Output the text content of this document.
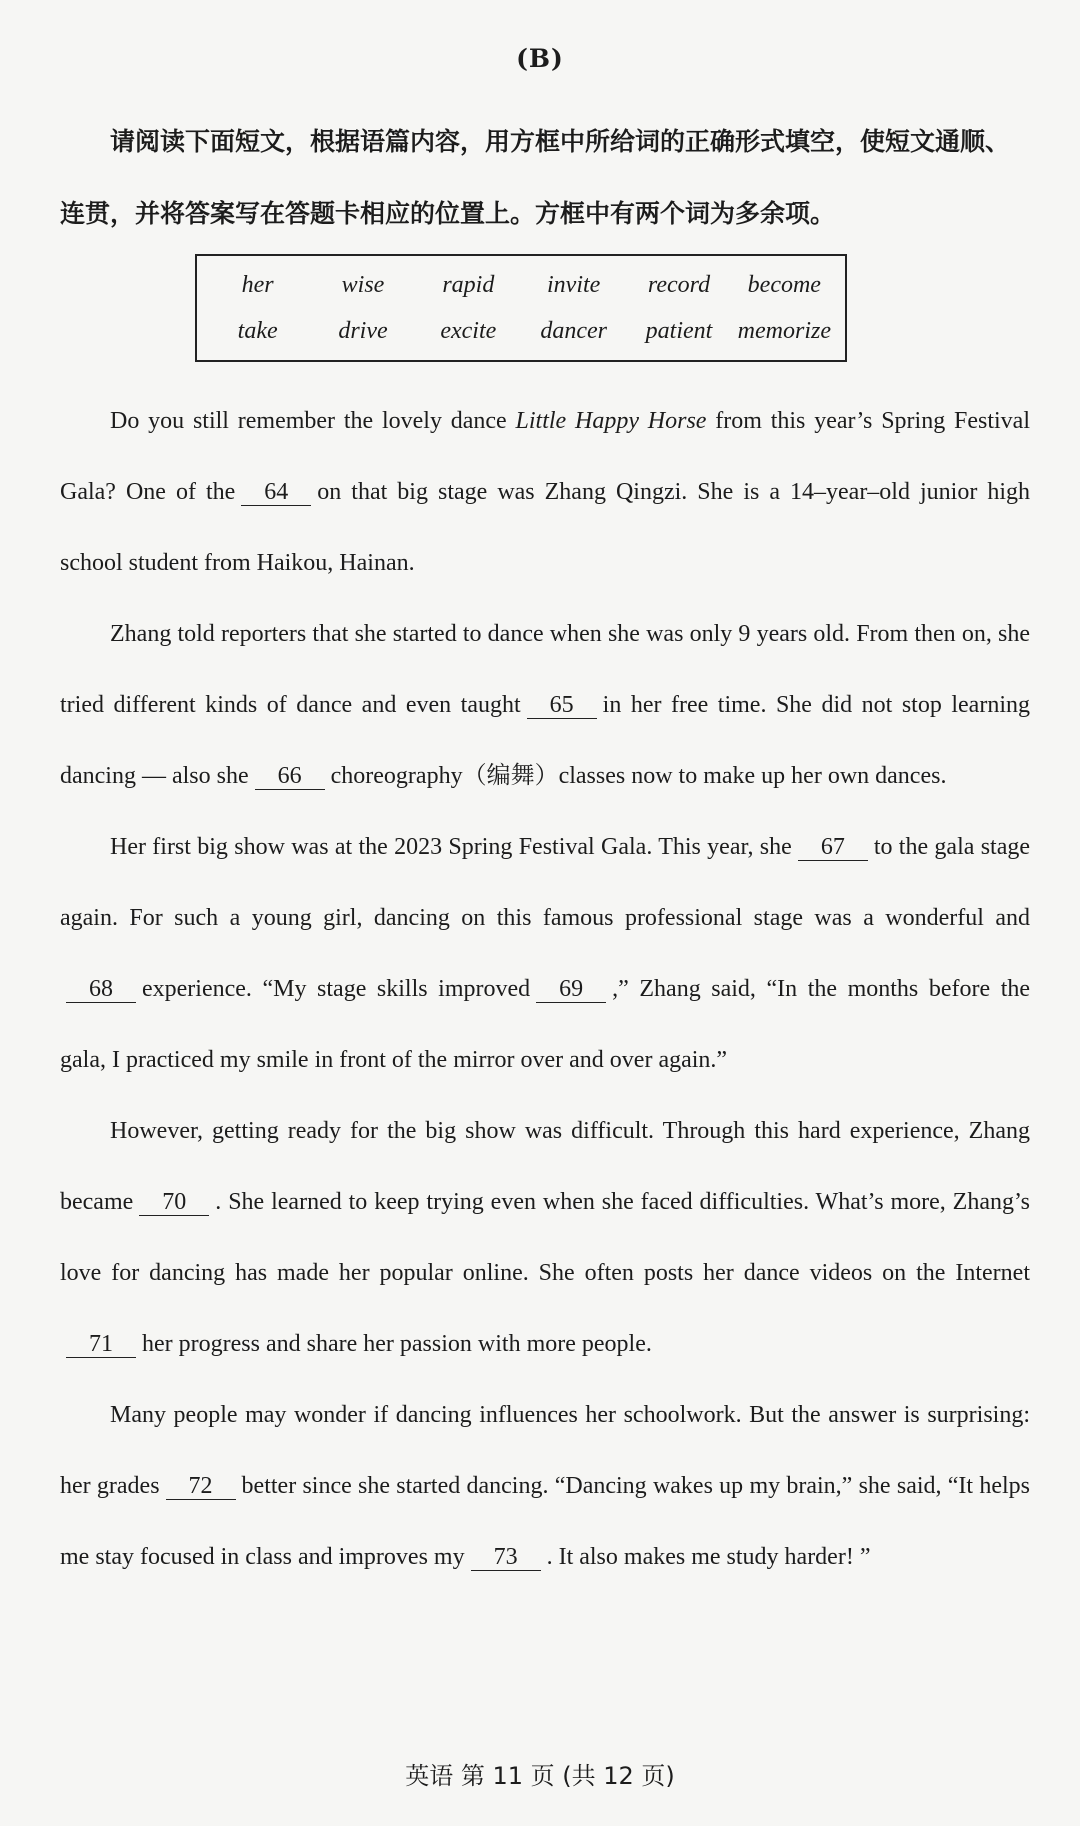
(B)
请阅读下面短文，根据语篇内容，用方框中所给词的正确形式填空，使短文通顺、连贯，并将答案写在答题卡相应的位置上。方框中有两个词为多余项。
her	wise rapid invite record become
take	drive excite dancer patient memorize

Do you still remember the lovely dance Little Happy Horse from this year’s Spring Festival Gala? One of the 64 on that big stage was Zhang Qingzi. She is a 14–year–old junior high school student from Haikou, Hainan.

Zhang told reporters that she started to dance when she was only 9 years old. From then on, she tried different kinds of dance and even taught 65 in her free time. She did not stop learning dancing — also she 66 choreography（编舞）classes now to make up her own dances.

Her first big show was at the 2023 Spring Festival Gala. This year, she 67 to the gala stage again. For such a young girl, dancing on this famous professional stage was a wonderful and68 experience. “My stage skills improved 69 ,” Zhang said, “In the months before the gala, I practiced my smile in front of the mirror over and over again.”

However, getting ready for the big show was difficult. Through this hard experience, Zhang became 70 . She learned to keep trying even when she faced difficulties. What’s more, Zhang’s love for dancing has made her popular online. She often posts her dance videos on the Internet71 her progress and share her passion with more people.

Many people may wonder if dancing influences her schoolwork. But the answer is surprising: her grades 72 better since she started dancing. “Dancing wakes up my brain,” she said, “It helps me stay focused in class and improves my 73 . It also makes me study harder! ”

英语 第 11 页 (共 12 页)
